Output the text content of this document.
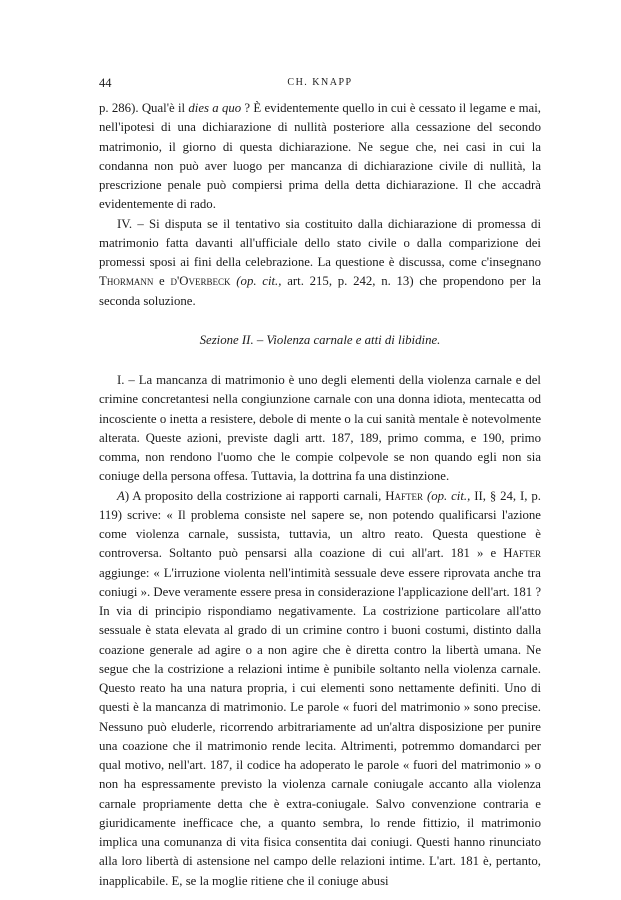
44	CH. KNAPP

p. 286). Qual'è il dies a quo ? È evidentemente quello in cui è cessato il legame e mai, nell'ipotesi di una dichiarazione di nullità posteriore alla cessazione del secondo matrimonio, il giorno di questa dichiarazione. Ne segue che, nei casi in cui la condanna non può aver luogo per mancanza di dichiarazione civile di nullità, la prescrizione penale può compiersi prima della detta dichiarazione. Il che accadrà evidentemente di rado.

IV. – Si disputa se il tentativo sia costituito dalla dichiarazione di promessa di matrimonio fatta davanti all'ufficiale dello stato civile o dalla comparizione dei promessi sposi ai fini della celebrazione. La questione è discussa, come c'insegnano Thormann e d'Overbeck (op. cit., art. 215, p. 242, n. 13) che propendono per la seconda soluzione.

Sezione II. – Violenza carnale e atti di libidine.

I. – La mancanza di matrimonio è uno degli elementi della violenza carnale e del crimine concretantesi nella congiunzione carnale con una donna idiota, mentecatta od incosciente o inetta a resistere, debole di mente o la cui sanità mentale è notevolmente alterata. Queste azioni, previste dagli artt. 187, 189, primo comma, e 190, primo comma, non rendono l'uomo che le compie colpevole se non quando egli non sia coniuge della persona offesa. Tuttavia, la dottrina fa una distinzione.

A) A proposito della costrizione ai rapporti carnali, Hafter (op. cit., II, § 24, I, p. 119) scrive: « Il problema consiste nel sapere se, non potendo qualificarsi l'azione come violenza carnale, sussista, tuttavia, un altro reato. Questa questione è controversa. Soltanto può pensarsi alla coazione di cui all'art. 181 » e Hafter aggiunge: « L'irruzione violenta nell'intimità sessuale deve essere riprovata anche tra coniugi ». Deve veramente essere presa in considerazione l'applicazione dell'art. 181 ? In via di principio rispondiamo negativamente. La costrizione particolare all'atto sessuale è stata elevata al grado di un crimine contro i buoni costumi, distinto dalla coazione generale ad agire o a non agire che è diretta contro la libertà umana. Ne segue che la costrizione a relazioni intime è punibile soltanto nella violenza carnale. Questo reato ha una natura propria, i cui elementi sono nettamente definiti. Uno di questi è la mancanza di matrimonio. Le parole « fuori del matrimonio » sono precise. Nessuno può eluderle, ricorrendo arbitrariamente ad un'altra disposizione per punire una coazione che il matrimonio rende lecita. Altrimenti, potremmo domandarci per qual motivo, nell'art. 187, il codice ha adoperato le parole « fuori del matrimonio » o non ha espressamente previsto la violenza carnale coniugale accanto alla violenza carnale propriamente detta che è extra-coniugale. Salvo convenzione contraria e giuridicamente inefficace che, a quanto sembra, lo rende fittizio, il matrimonio implica una comunanza di vita fisica consentita dai coniugi. Questi hanno rinunciato alla loro libertà di astensione nel campo delle relazioni intime. L'art. 181 è, pertanto, inapplicabile. E, se la moglie ritiene che il coniuge abusi
